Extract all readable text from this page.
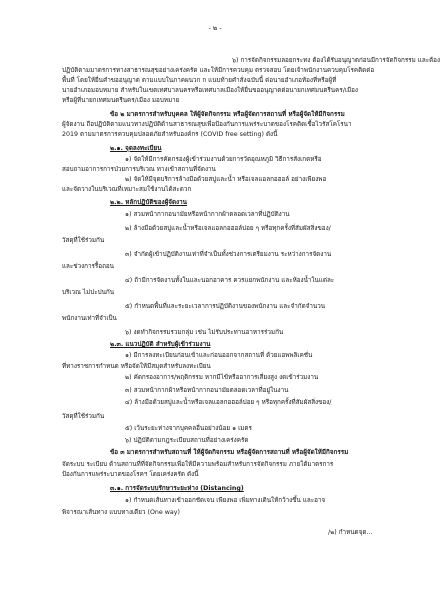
- ๒ -
๖) การจัดกิจกรรมลอยกระทง ต้องได้รับอนุญาตก่อนมีการจัดกิจกรรม และต้อง
ปฏิบัติตามมาตรการทางสาธารณสุขอย่างเคร่งครัด และให้มีการควบคุม ตรวจสอบ โดยเจ้าพนักงานควบคุมโรคติดต่อ
พื้นที่ โดยให้ยื่นคำขออนุญาต ตามแบบในภาคผนวก ก แนบท้ายคำสั่งฉบับนี้ ต่อนายอำเภอท้องที่หรือผู้ที่
นายอำเภอมอบหมาย สำหรับในเขตเทศบาลนครหรือเทศบาลเมืองให้ยื่นขออนุญาตต่อนายกเทศมนตรีนคร/เมือง
หรือผู้ที่นายกเทศมนตรีนคร/เมือง มอบหมาย
ข้อ ๒ มาตรการสำหรับบุคคล ให้ผู้จัดกิจกรรม หรือผู้จัดการสถานที่ หรือผู้จัดให้มีกิจกรรม
ผู้จัดงาน ถือปฏิบัติตามแนวทางปฏิบัติด้านสาธารณสุขเพื่อป้องกันการแพร่ระบาดของโรคติดเชื้อไวรัสโคโรนา
2019 ตามมาตรการควบคุมปลอดภัยสำหรับองค์กร (COVID free setting) ดังนี้
๒.๑. จุดลงทะเบียน
๑) จัดให้มีการคัดกรองผู้เข้าร่วมงานด้วยการวัดอุณหภูมิ วิธีการสังเกตหรือ
สอบถามอาการการป่วยการบริเวณ ทางเข้าสถานที่จัดงาน
๒) จัดให้มีจุดบริการล้างมือด้วยสบู่และน้ำ หรือเจลแอลกอฮอล์ อย่างเพียงพอ
และจัดวางในบริเวณที่เหมาะสมใช้งานได้สะดวก
๒.๒. หลักปฏิบัติของผู้จัดงาน
๑) สวมหน้ากากอนามัยหรือหน้ากากผ้าตลอดเวลาที่ปฏิบัติงาน
๒) ล้างมือด้วยสบู่และน้ำหรือเจลแอลกอฮอล์บ่อย ๆ หรือทุกครั้งที่สัมผัสสิ่งของ/
วัสดุที่ใช้ร่วมกัน
๓) จำกัดผู้เข้าปฏิบัติงานเท่าที่จำเป็นทั้งช่วงการเตรียมงาน ระหว่างการจัดงาน
และช่วงการรื้อถอน
๔) ถ้ามีการจัดงานทั้งในและนอกอาคาร ควรแยกพนักงาน และห้องน้ำในแต่ละ
บริเวณ ไม่ปะปนกัน
๕) กำหนดพื้นที่และระยะเวลาการปฏิบัติงานของพนักงาน และจำกัดจำนวน
พนักงานเท่าที่จำเป็น
๖) งดทำกิจกรรมรวมกลุ่ม เช่น ไม่รับประทานอาหารร่วมกัน
๒.๓. แนวปฏิบัติ สำหรับผู้เข้าร่วมงาน
๑) มีการลงทะเบียนก่อนเข้าและก่อนออกจากสถานที่ ด้วยแอพพลิเคชั่น
ที่ทางราชการกำหนด หรือจัดให้มีสมุดสำหรับลงทะเบียน
๒) คัดกรองอาการ/พฤติกรรม หากมีไข้หรืออาการเสี่ยงสูง งดเข้าร่วมงาน
๓) สวมหน้ากากผ้าหรือหน้ากากอนามัยตลอดเวลาที่อยู่ในงาน
๔) ล้างมือด้วยสบู่และน้ำหรือเจลแอลกอฮอล์บ่อย ๆ หรือทุกครั้งที่สัมผัสสิ่งของ/
วัสดุที่ใช้ร่วมกัน
๕) เว้นระยะห่างจากบุคคลอื่นอย่างน้อย ๑ เมตร
๖) ปฏิบัติตามกฎระเบียบสถานที่อย่างเคร่งครัด
ข้อ ๓ มาตรการสำหรับสถานที่ ให้ผู้จัดกิจกรรม หรือผู้จัดการสถานที่ หรือผู้จัดให้มีกิจกรรม
จัดระบบ ระเบียบ ด้านสถานที่ที่จัดกิจกรรมเพื่อให้มีความพร้อมสำหรับการจัดกิจกรรม ภายใต้มาตรการ
ป้องกันการแพร่ระบาดของโรคฯ โดยเคร่งครัด ดังนี้
๓.๑. การจัดระบบรักษาระยะห่าง (Distancing)
๑) กำหนดเส้นทางเข้าออกชัดเจน เพียงพอ เพิ่มทางเดินให้กว้างขึ้น และอาจ
พิจารณาเส้นทาง แบบทางเดียว (One way)
/๒) กำหนดจุด...
